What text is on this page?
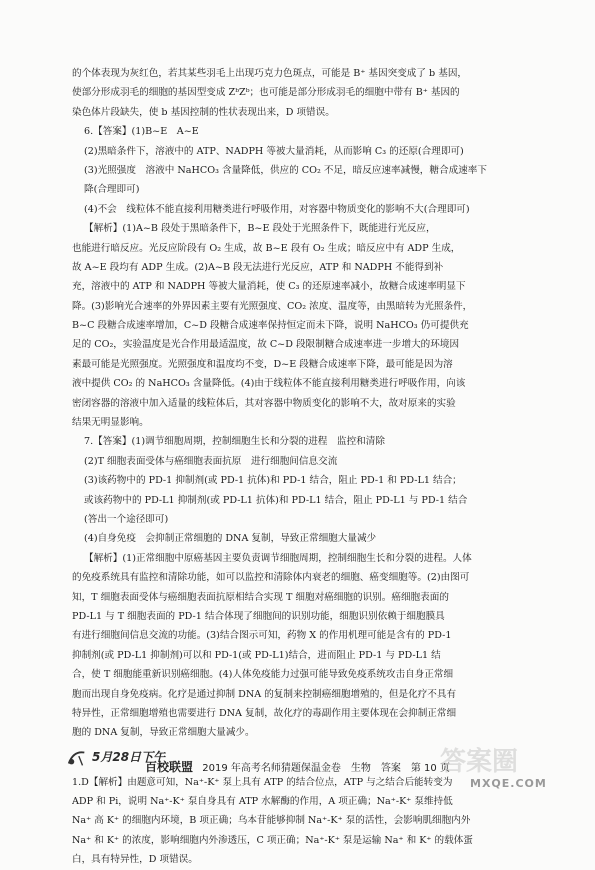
的个体表现为灰红色，若其某些羽毛上出现巧克力色斑点，可能是 B⁺ 基因突变成了 b 基因，
使部分形成羽毛的细胞的基因型变成 ZᵇZᵇ；也可能是部分形成羽毛的细胞中带有 B⁺ 基因的
染色体片段缺失，使 b 基因控制的性状表现出来，D 项错误。
6.【答案】(1)B~E　A~E
(2)黑暗条件下，溶液中的 ATP、NADPH 等被大量消耗，从而影响 C₃ 的还原(合理即可)
(3)光照强度　溶液中 NaHCO₃ 含量降低，供应的 CO₂ 不足，暗反应速率减慢，糖合成速率下
降(合理即可)
(4)不会　线粒体不能直接利用糖类进行呼吸作用，对容器中物质变化的影响不大(合理即可)
【解析】(1)A~B 段处于黑暗条件下，B~E 段处于光照条件下，既能进行光反应，
也能进行暗反应。光反应阶段有 O₂ 生成，故 B~E 段有 O₂ 生成；暗反应中有 ADP 生成，
故 A~E 段均有 ADP 生成。(2)A~B 段无法进行光反应，ATP 和 NADPH 不能得到补
充，溶液中的 ATP 和 NADPH 等被大量消耗，使 C₃ 的还原速率减小，故糖合成速率明显下
降。(3)影响光合速率的外界因素主要有光照强度、CO₂ 浓度、温度等，由黑暗转为光照条件，
B~C 段糖合成速率增加，C~D 段糖合成速率保持恒定而未下降，说明 NaHCO₃ 仍可提供充
足的 CO₂，实验温度是光合作用最适温度，故 C~D 段限制糖合成速率进一步增大的环境因
素最可能是光照强度。光照强度和温度均不变，D~E 段糖合成速率下降，最可能是因为溶
液中提供 CO₂ 的 NaHCO₃ 含量降低。(4)由于线粒体不能直接利用糖类进行呼吸作用，向该
密闭容器的溶液中加入适量的线粒体后，其对容器中物质变化的影响不大，故对原来的实验
结果无明显影响。
7.【答案】(1)调节细胞周期，控制细胞生长和分裂的进程　监控和清除
(2)T 细胞表面受体与癌细胞表面抗原　进行细胞间信息交流
(3)该药物中的 PD-1 抑制剂(或 PD-1 抗体)和 PD-1 结合，阻止 PD-1 和 PD-L1 结合；
或该药物中的 PD-L1 抑制剂(或 PD-L1 抗体)和 PD-L1 结合，阻止 PD-L1 与 PD-1 结合
(答出一个途径即可)
(4)自身免疫　会抑制正常细胞的 DNA 复制，导致正常细胞大量减少
【解析】(1)正常细胞中原癌基因主要负责调节细胞周期，控制细胞生长和分裂的进程。人体
的免疫系统具有监控和清除功能，如可以监控和清除体内衰老的细胞、癌变细胞等。(2)由图可
知，T 细胞表面受体与癌细胞表面抗原相结合实现 T 细胞对癌细胞的识别。癌细胞表面的
PD-L1 与 T 细胞表面的 PD-1 结合体现了细胞间的识别功能，细胞识别依赖于细胞膜具
有进行细胞间信息交流的功能。(3)结合图示可知，药物 X 的作用机理可能是含有的 PD-1
抑制剂(或 PD-L1 抑制剂)可以和 PD-1(或 PD-L1)结合，进而阻止 PD-1 与 PD-L1 结
合，使 T 细胞能重新识别癌细胞。(4)人体免疫能力过强可能导致免疫系统攻击自身正常细
胞而出现自身免疫病。化疗是通过抑制 DNA 的复制来控制癌细胞增殖的，但是化疗不具有
特异性，正常细胞增殖也需要进行 DNA 复制，故化疗的毒副作用主要体现在会抑制正常细
胞的 DNA 复制，导致正常细胞大量减少。
5月28日下午
1.D【解析】由题意可知，Na⁺-K⁺ 泵上具有 ATP 的结合位点，ATP 与之结合后能转变为
ADP 和 Pi，说明 Na⁺-K⁺ 泵自身具有 ATP 水解酶的作用，A 项正确；Na⁺-K⁺ 泵维持低
Na⁺ 高 K⁺ 的细胞内环境，B 项正确；乌本苷能够抑制 Na⁺-K⁺ 泵的活性，会影响肌细胞内外
Na⁺ 和 K⁺ 的浓度，影响细胞内外渗透压，C 项正确；Na⁺-K⁺ 泵是运输 Na⁺ 和 K⁺ 的载体蛋
白，具有特异性，D 项错误。
百校联盟 2019 年高考名师猜题保温金卷　生物　答案　第 10 页
答案圈
MXQE.COM
